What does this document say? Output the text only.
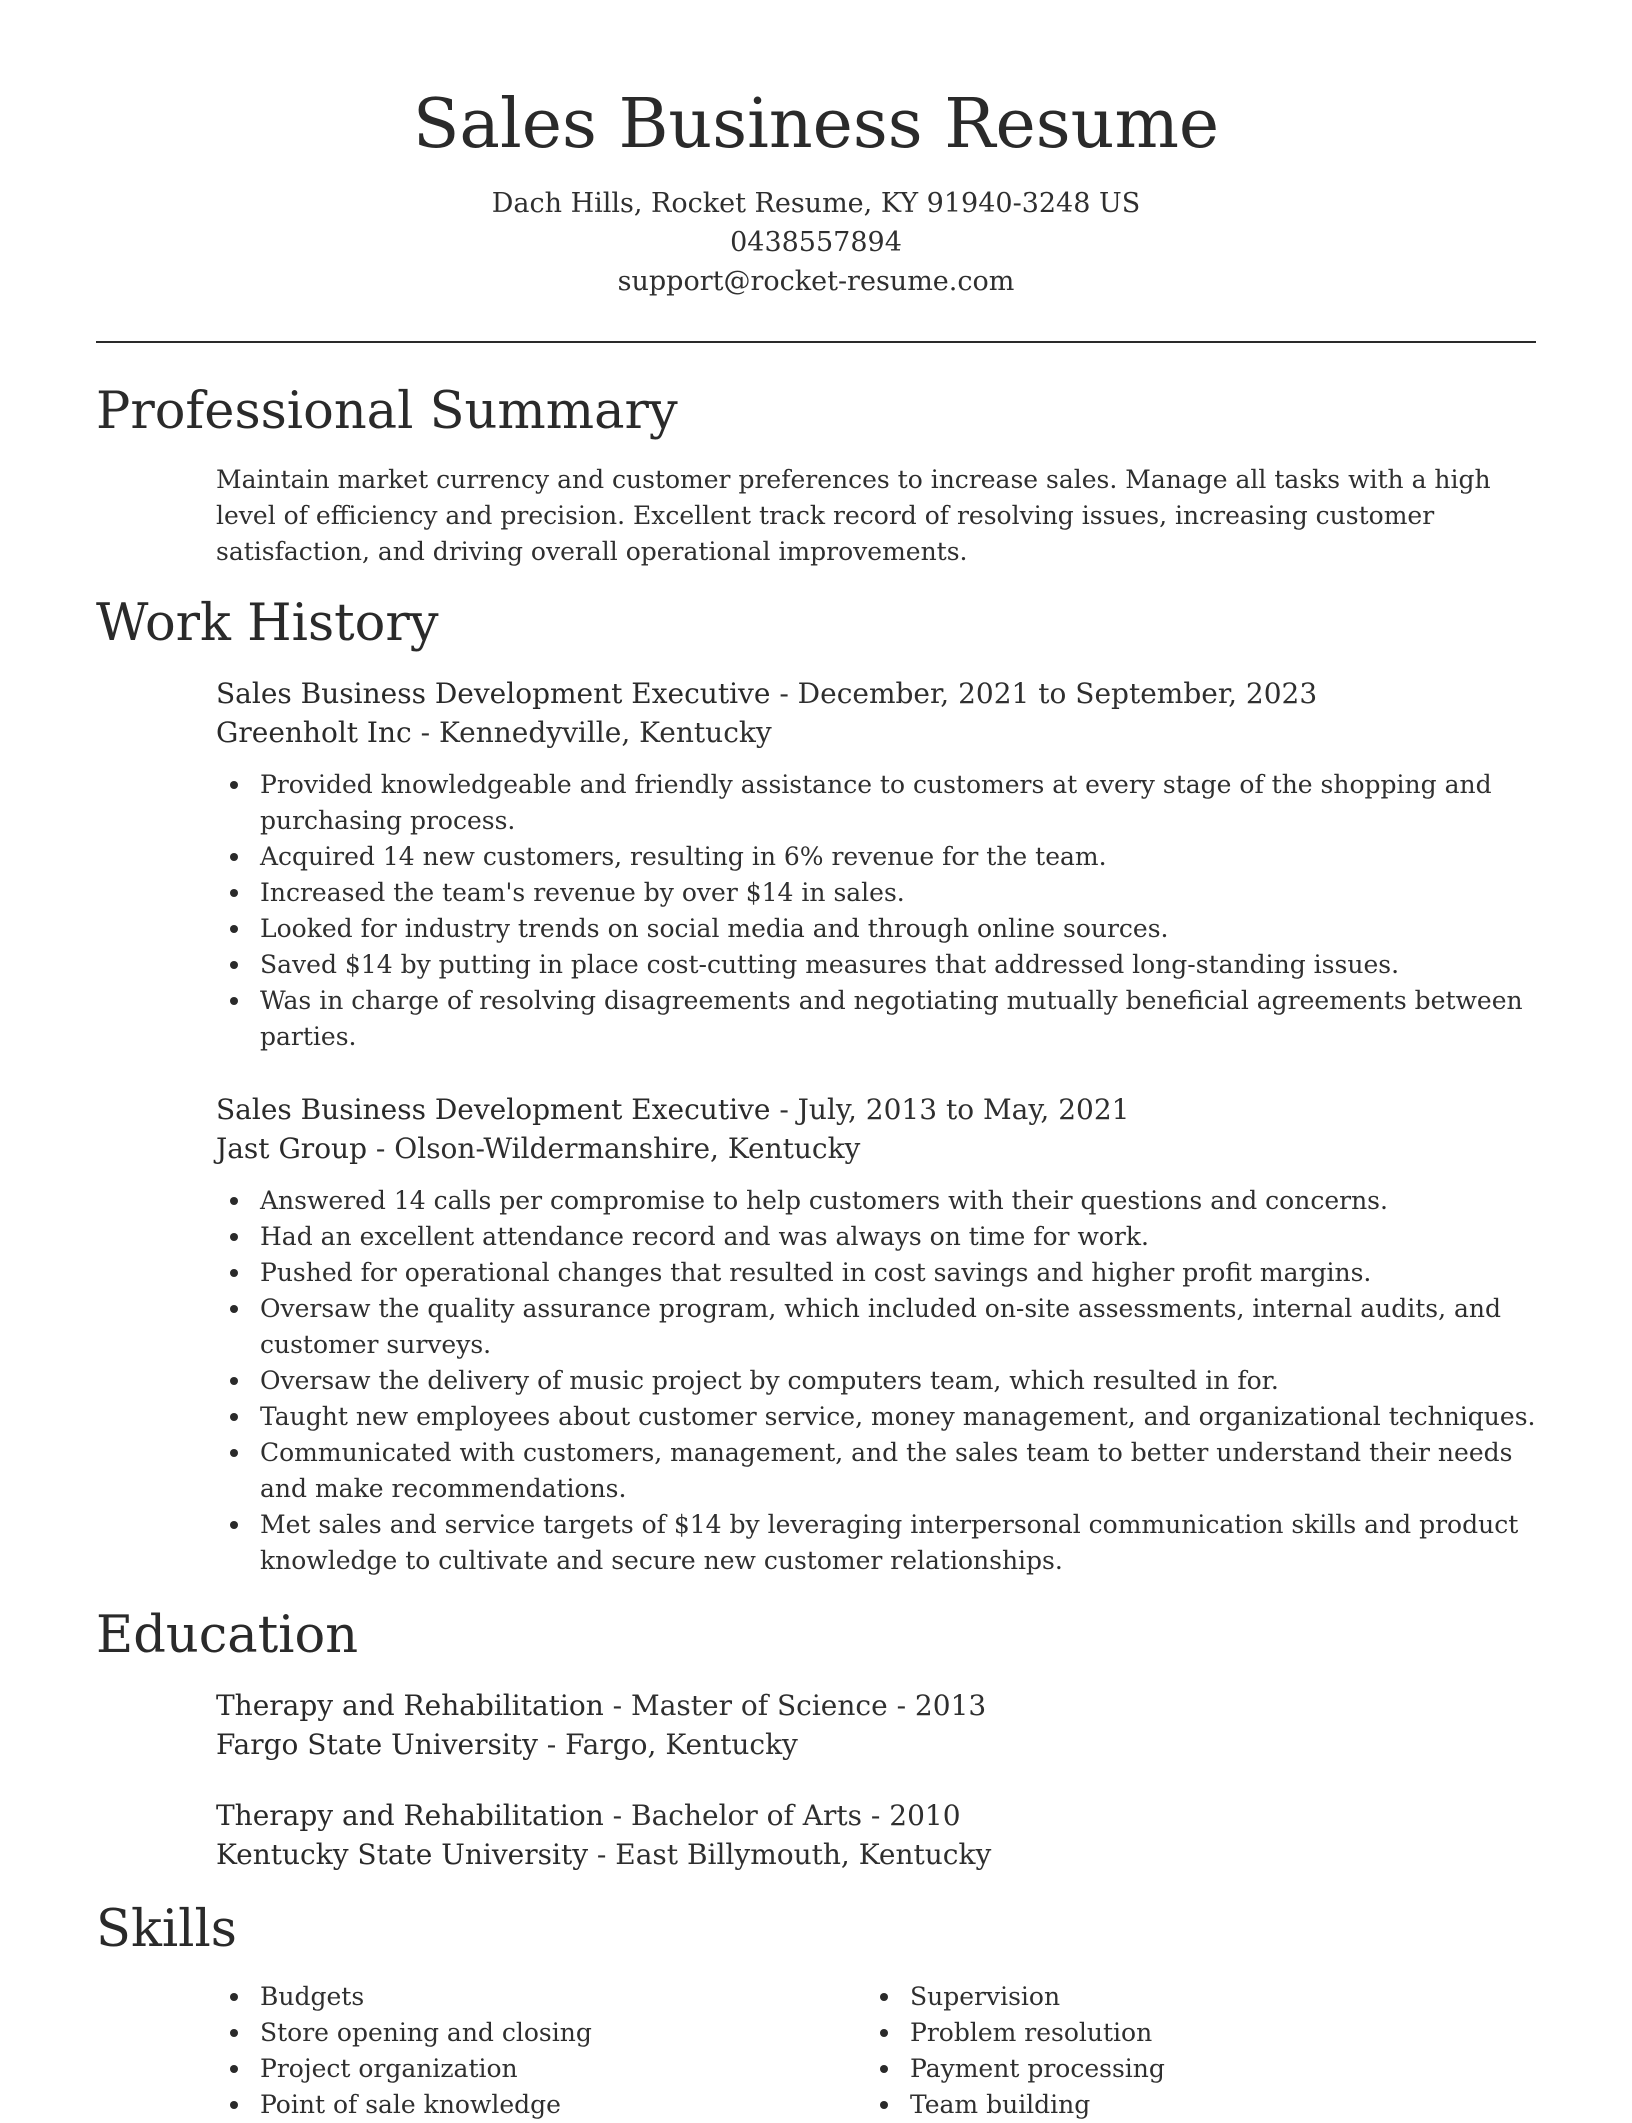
Sales Business Resume
Dach Hills, Rocket Resume, KY 91940-3248 US
0438557894
support@rocket-resume.com
Professional Summary
Maintain market currency and customer preferences to increase sales. Manage all tasks with a high level of efficiency and precision. Excellent track record of resolving issues, increasing customer satisfaction, and driving overall operational improvements.
Work History
Sales Business Development Executive - December, 2021 to September, 2023
Greenholt Inc - Kennedyville, Kentucky
Provided knowledgeable and friendly assistance to customers at every stage of the shopping and purchasing process.
Acquired 14 new customers, resulting in 6% revenue for the team.
Increased the team's revenue by over $14 in sales.
Looked for industry trends on social media and through online sources.
Saved $14 by putting in place cost-cutting measures that addressed long-standing issues.
Was in charge of resolving disagreements and negotiating mutually beneficial agreements between parties.
Sales Business Development Executive - July, 2013 to May, 2021
Jast Group - Olson-Wildermanshire, Kentucky
Answered 14 calls per compromise to help customers with their questions and concerns.
Had an excellent attendance record and was always on time for work.
Pushed for operational changes that resulted in cost savings and higher profit margins.
Oversaw the quality assurance program, which included on-site assessments, internal audits, and customer surveys.
Oversaw the delivery of music project by computers team, which resulted in for.
Taught new employees about customer service, money management, and organizational techniques.
Communicated with customers, management, and the sales team to better understand their needs and make recommendations.
Met sales and service targets of $14 by leveraging interpersonal communication skills and product knowledge to cultivate and secure new customer relationships.
Education
Therapy and Rehabilitation - Master of Science - 2013
Fargo State University - Fargo, Kentucky
Therapy and Rehabilitation - Bachelor of Arts - 2010
Kentucky State University - East Billymouth, Kentucky
Skills
Budgets
Store opening and closing
Project organization
Point of sale knowledge
Supervision
Problem resolution
Payment processing
Team building
